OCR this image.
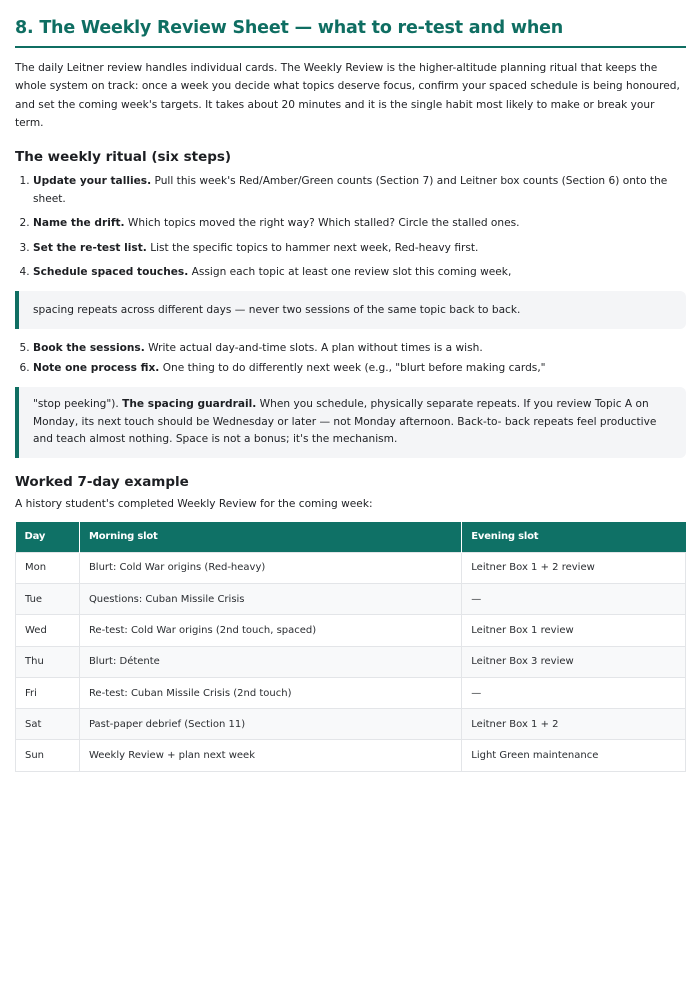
8. The Weekly Review Sheet — what to re-test and when

The daily Leitner review handles individual cards. The Weekly Review is the higher-altitude planning ritual that keeps the whole system on track: once a week you decide what topics deserve focus, confirm your spaced schedule is being honoured, and set the coming week's targets. It takes about 20 minutes and it is the single habit most likely to make or break your term.

The weekly ritual (six steps)
1. Update your tallies. Pull this week's Red/Amber/Green counts (Section 7) and Leitner box counts (Section 6) onto the sheet.
2. Name the drift. Which topics moved the right way? Which stalled? Circle the stalled ones.
3. Set the re-test list. List the specific topics to hammer next week, Red-heavy first.
4. Schedule spaced touches. Assign each topic at least one review slot this coming week,
spacing repeats across different days — never two sessions of the same topic back to back.
5. Book the sessions. Write actual day-and-time slots. A plan without times is a wish.
6. Note one process fix. One thing to do differently next week (e.g., "blurt before making cards,"
"stop peeking"). The spacing guardrail. When you schedule, physically separate repeats. If you review Topic A on Monday, its next touch should be Wednesday or later — not Monday afternoon. Back-to- back repeats feel productive and teach almost nothing. Space is not a bonus; it's the mechanism.
Worked 7-day example

A history student's completed Weekly Review for the coming week:

Day	Morning slot	Evening slot
Mon	Blurt: Cold War origins (Red-heavy)	Leitner Box 1 + 2 review
Tue	Questions: Cuban Missile Crisis	—
Wed	Re-test: Cold War origins (2nd touch, spaced)	Leitner Box 1 review
Thu	Blurt: Détente	Leitner Box 3 review
Fri	Re-test: Cuban Missile Crisis (2nd touch)	—
Sat	Past-paper debrief (Section 11)	Leitner Box 1 + 2
Sun	Weekly Review + plan next week	Light Green maintenance
